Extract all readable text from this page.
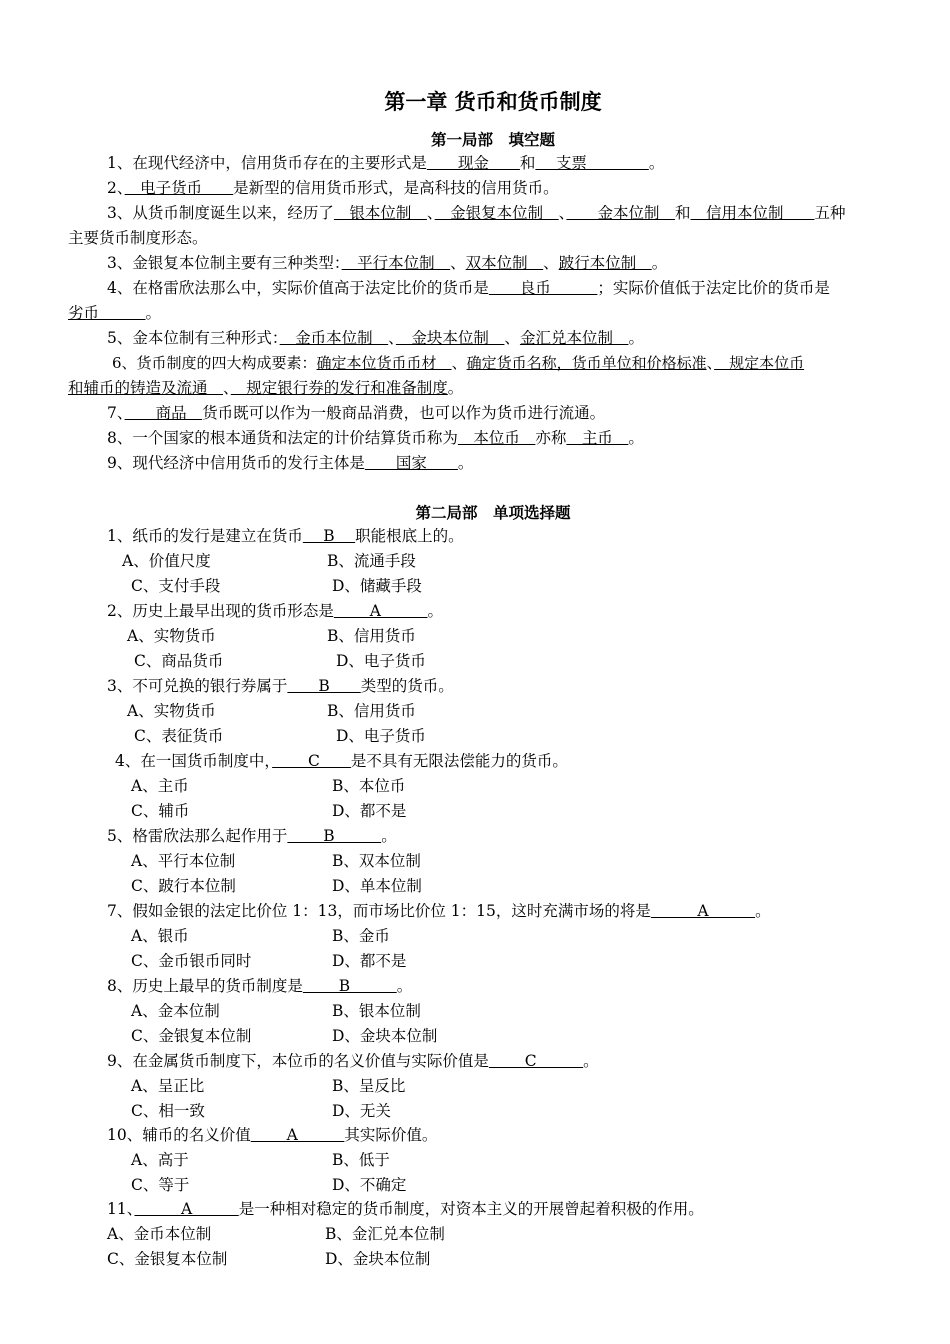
第一章 货币和货币制度
第一局部　填空题
1、在现代经济中，信用货币存在的主要形式是　　现金　　和　 支票　　　　。
2、　电子货币　　是新型的信用货币形式，是高科技的信用货币。
3、从货币制度诞生以来，经历了　银本位制　、　金银复本位制　、　　金本位制　和　信用本位制　　五种
主要货币制度形态。
3、金银复本位制主要有三种类型：　平行本位制　、双本位制　、跛行本位制　。
4、在格雷欣法那么中，实际价值高于法定比价的货币是　　良币　　　；实际价值低于法定比价的货币是
劣币　　　。
5、金本位制有三种形式：　金币本位制　、　金块本位制　、金汇兑本位制　。
6、货币制度的四大构成要素：确定本位货币币材　、确定货币名称，货币单位和价格标准、　规定本位币
和辅币的铸造及流通　、　规定银行券的发行和准备制度。
7、　　商品　货币既可以作为一般商品消费，也可以作为货币进行流通。
8、一个国家的根本通货和法定的计价结算货币称为　本位币　亦称　主币　。
9、现代经济中信用货币的发行主体是　　国家　　。
第二局部　单项选择题
1、纸币的发行是建立在货币　 B　 职能根底上的。
A、价值尺度	B、流通手段
C、支付手段	D、储藏手段
2、历史上最早出现的货币形态是　　 A　　　。
A、实物货币	B、信用货币
C、商品货币	D、电子货币
3、不可兑换的银行券属于　　B　　类型的货币。
A、实物货币	B、信用货币
C、表征货币	D、电子货币
4、在一国货币制度中，　　 C　　是不具有无限法偿能力的货币。
A、主币	B、本位币
C、辅币	D、都不是
5、格雷欣法那么起作用于　　 B　　　。
A、平行本位制	B、双本位制
C、跛行本位制	D、单本位制
7、假如金银的法定比价位 1：13，而市场比价位 1：15，这时充满市场的将是　　　A　　　。
A、银币	B、金币
C、金币银币同时	D、都不是
8、历史上最早的货币制度是　　 B　　　。
A、金本位制	B、银本位制
C、金银复本位制	D、金块本位制
9、在金属货币制度下，本位币的名义价值与实际价值是　　 C　　　。
A、呈正比	B、呈反比
C、相一致	D、无关
10、辅币的名义价值　　 A　　　其实际价值。
A、高于	B、低于
C、等于	D、不确定
11、　　　A　　　是一种相对稳定的货币制度，对资本主义的开展曾起着积极的作用。
A、金币本位制	B、金汇兑本位制
C、金银复本位制	D、金块本位制
